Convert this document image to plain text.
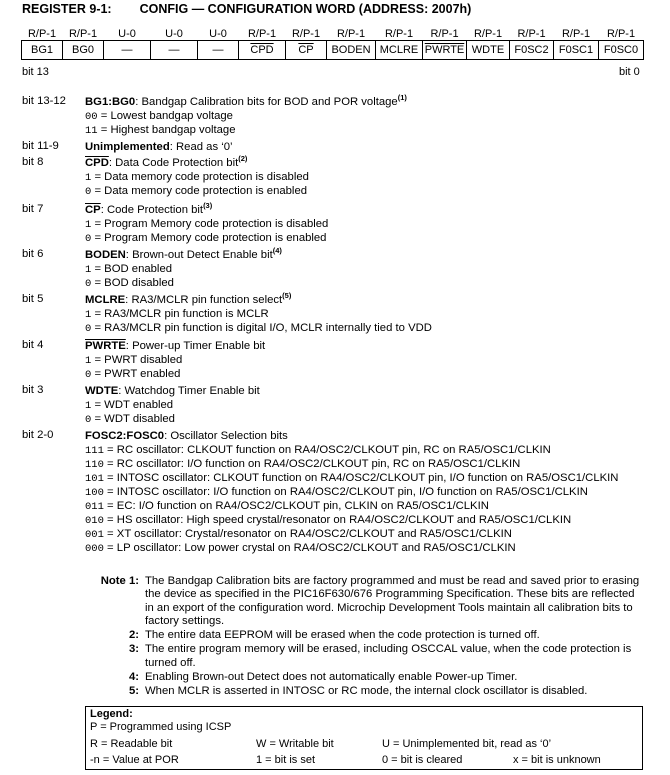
REGISTER 9-1: CONFIG — CONFIGURATION WORD (ADDRESS: 2007h)
R/P-1	R/P-1	U-0	U-0	U-0	R/P-1	R/P-1	R/P-1	R/P-1	R/P-1	R/P-1	R/P-1	R/P-1	R/P-1
BG1	BG0	—	—	—	$\overline{CPD}$	$\overline{CP}$	BODEN	MCLRE	PWRTE	WDTE	F0SC2	F0SC1	F0SC0
bit 13	bit 0
bit 13-12 BG1:BG0: Bandgap Calibration bits for BOD and POR voltage$^{(1)}$
00 = Lowest bandgap voltage
11 = Highest bandgap voltage
bit 11-9 Unimplemented: Read as ‘0’
bit 8	$\overline{CPD}$: Data Code Protection bit$^{(2)}$
1 = Data memory code protection is disabled
0 = Data memory code protection is enabled
bit 7	$\overline{CP}$: Code Protection bit$^{(3)}$
1 = Program Memory code protection is disabled
0 = Program Memory code protection is enabled
bit 6	BODEN: Brown-out Detect Enable bit$^{(4)}$
1 = BOD enabled
0 = BOD disabled
bit 5	MCLRE: RA3/MCLR pin function select$^{(5)}$
1 = RA3/MCLR pin function is MCLR
0 = RA3/MCLR pin function is digital I/O, MCLR internally tied to VDD
bit 4	PWRTE: Power-up Timer Enable bit
1 = PWRT disabled
0 = PWRT enabled
bit 3	WDTE: Watchdog Timer Enable bit
1 = WDT enabled
0 = WDT disabled
bit 2-0	FOSC2:FOSC0: Oscillator Selection bits
111 = RC oscillator: CLKOUT function on RA4/OSC2/CLKOUT pin, RC on RA5/OSC1/CLKIN
110 = RC oscillator: I/O function on RA4/OSC2/CLKOUT pin, RC on RA5/OSC1/CLKIN
101 = INTOSC oscillator: CLKOUT function on RA4/OSC2/CLKOUT pin, I/O function on RA5/OSC1/CLKIN
100 = INTOSC oscillator: I/O function on RA4/OSC2/CLKOUT pin, I/O function on RA5/OSC1/CLKIN
011 = EC: I/O function on RA4/OSC2/CLKOUT pin, CLKIN on RA5/OSC1/CLKIN
010 = HS oscillator: High speed crystal/resonator on RA4/OSC2/CLKOUT and RA5/OSC1/CLKIN
001 = XT oscillator: Crystal/resonator on RA4/OSC2/CLKOUT and RA5/OSC1/CLKIN
000 = LP oscillator: Low power crystal on RA4/OSC2/CLKOUT and RA5/OSC1/CLKIN
Note 1: The Bandgap Calibration bits are factory programmed and must be read and saved prior to erasing the device as specified in the PIC16F630/676 Programming Specification. These bits are reflected in an export of the configuration word. Microchip Development Tools maintain all calibration bits to factory settings.
2: The entire data EEPROM will be erased when the code protection is turned off.
3: The entire program memory will be erased, including OSCCAL value, when the code protection is turned off.
4: Enabling Brown-out Detect does not automatically enable Power-up Timer.
5: When MCLR is asserted in INTOSC or RC mode, the internal clock oscillator is disabled.
Legend:
P = Programmed using ICSP
R = Readable bit	W = Writable bit	U = Unimplemented bit, read as ‘0’
-n = Value at POR	1 = bit is set	0 = bit is cleared	x = bit is unknown
